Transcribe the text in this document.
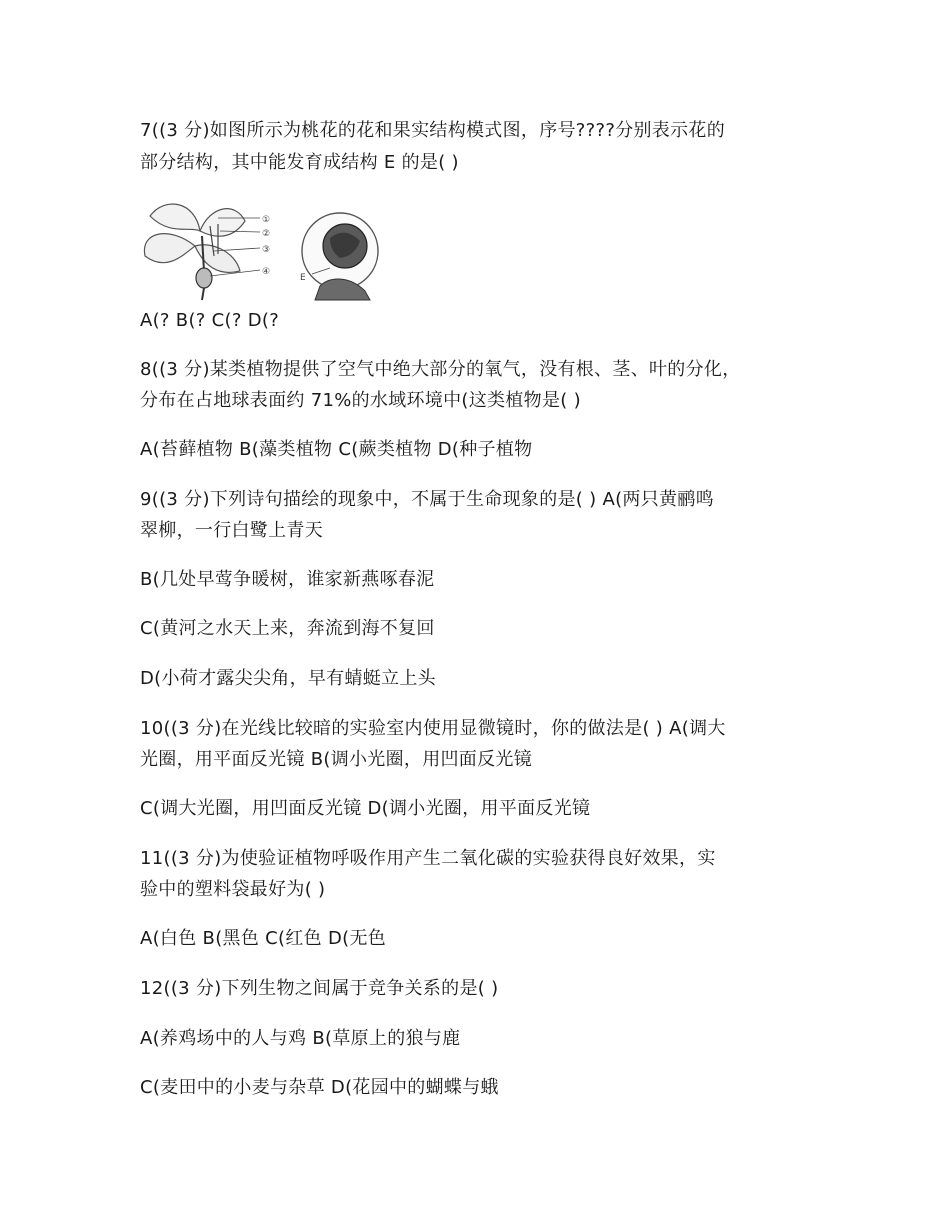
7((3 分)如图所示为桃花的花和果实结构模式图，序号????分别表示花的
部分结构，其中能发育成结构 E 的是( )
①
②
③
④
E
A(? B(? C(? D(?
8((3 分)某类植物提供了空气中绝大部分的氧气，没有根、茎、叶的分化，
分布在占地球表面约 71%的水域环境中(这类植物是( )
A(苔藓植物 B(藻类植物 C(蕨类植物 D(种子植物
9((3 分)下列诗句描绘的现象中，不属于生命现象的是( ) A(两只黄鹂鸣
翠柳，一行白鹭上青天
B(几处早莺争暖树，谁家新燕啄春泥
C(黄河之水天上来，奔流到海不复回
D(小荷才露尖尖角，早有蜻蜓立上头
10((3 分)在光线比较暗的实验室内使用显微镜时，你的做法是( ) A(调大
光圈，用平面反光镜 B(调小光圈，用凹面反光镜
C(调大光圈，用凹面反光镜 D(调小光圈，用平面反光镜
11((3 分)为使验证植物呼吸作用产生二氧化碳的实验获得良好效果，实
验中的塑料袋最好为( )
A(白色 B(黑色 C(红色 D(无色
12((3 分)下列生物之间属于竞争关系的是( )
A(养鸡场中的人与鸡 B(草原上的狼与鹿
C(麦田中的小麦与杂草 D(花园中的蝴蝶与蛾
